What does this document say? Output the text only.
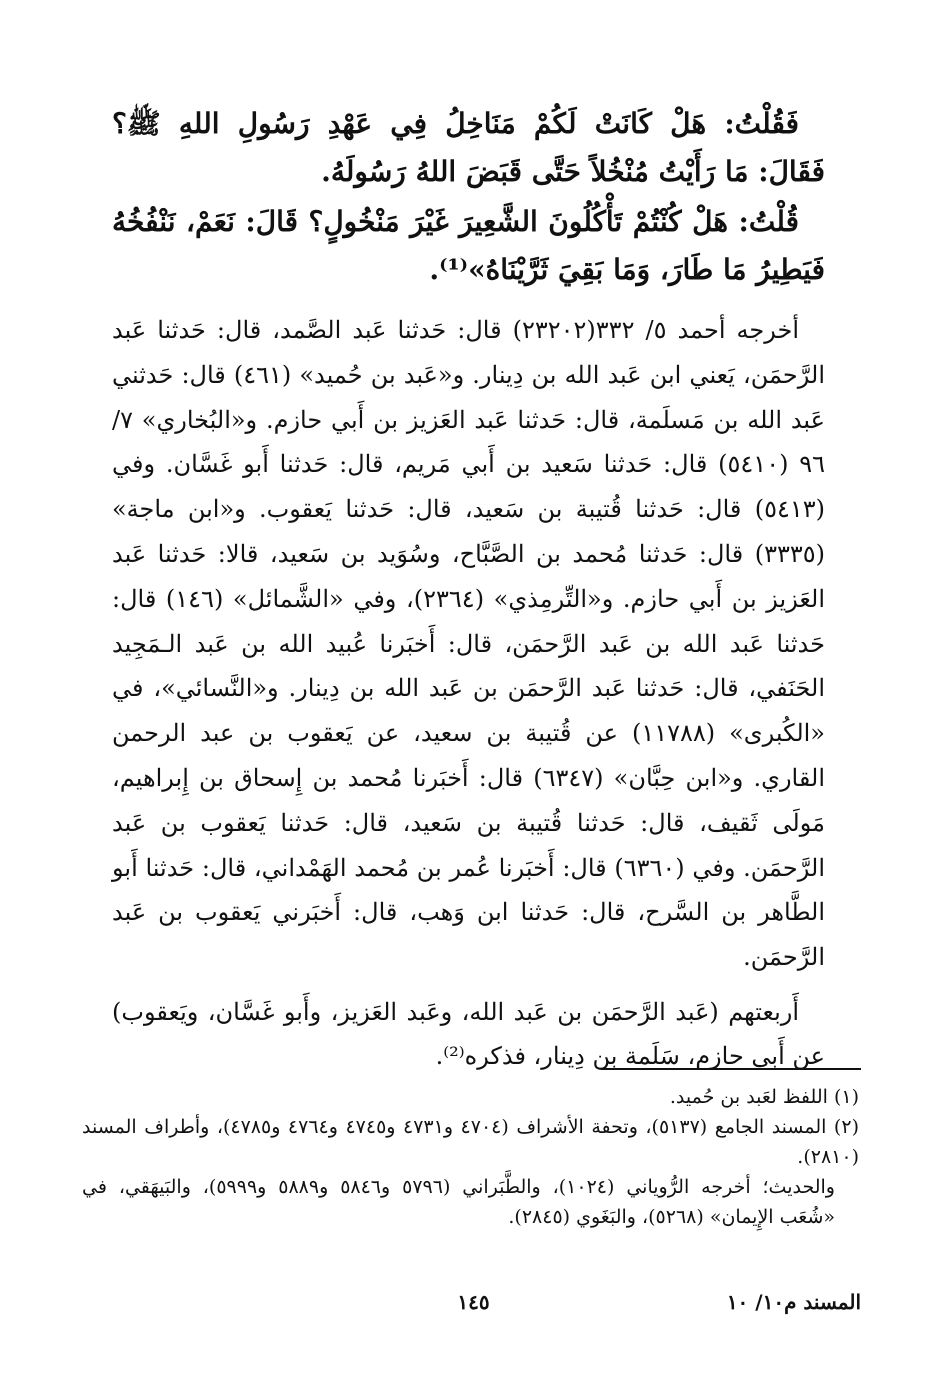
فَقُلْتُ: هَلْ كَانَتْ لَكُمْ مَنَاخِلُ فِي عَهْدِ رَسُولِ اللهِ ﷺ؟ فَقَالَ: مَا رَأَيْتُ مُنْخُلاً حَتَّى قَبَضَ اللهُ رَسُولَهُ.

قُلْتُ: هَلْ كُنْتُمْ تَأْكُلُونَ الشَّعِيرَ غَيْرَ مَنْخُولٍ؟ قَالَ: نَعَمْ، نَنْفُخُهُ فَيَطِيرُ مَا طَارَ، وَمَا بَقِيَ ثَرَّيْنَاهُ»⁽¹⁾.

أخرجه أحمد ٥/ ٣٣٢(٢٣٢٠٢) قال: حَدثنا عَبد الصَّمد، قال: حَدثنا عَبد الرَّحمَن، يَعني ابن عَبد الله بن دِينار. و«عَبد بن حُميد» (٤٦١) قال: حَدثني عَبد الله بن مَسلَمة، قال: حَدثنا عَبد العَزيز بن أَبي حازم. و«البُخاري» ٧/ ٩٦ (٥٤١٠) قال: حَدثنا سَعيد بن أَبي مَريم، قال: حَدثنا أَبو غَسَّان. وفي (٥٤١٣) قال: حَدثنا قُتيبة بن سَعيد، قال: حَدثنا يَعقوب. و«ابن ماجة» (٣٣٣٥) قال: حَدثنا مُحمد بن الصَّبَّاح، وسُوَيد بن سَعيد، قالا: حَدثنا عَبد العَزيز بن أَبي حازم. و«التِّرمِذي» (٢٣٦٤)، وفي «الشَّمائل» (١٤٦) قال: حَدثنا عَبد الله بن عَبد الرَّحمَن، قال: أَخبَرنا عُبيد الله بن عَبد الـمَجِيد الحَنَفي، قال: حَدثنا عَبد الرَّحمَن بن عَبد الله بن دِينار. و«النَّسائي»، في «الكُبرى» (١١٧٨٨) عن قُتيبة بن سعيد، عن يَعقوب بن عبد الرحمن القاري. و«ابن حِبَّان» (٦٣٤٧) قال: أَخبَرنا مُحمد بن إِسحاق بن إِبراهيم، مَولَى ثَقيف، قال: حَدثنا قُتيبة بن سَعيد، قال: حَدثنا يَعقوب بن عَبد الرَّحمَن. وفي (٦٣٦٠) قال: أَخبَرنا عُمر بن مُحمد الهَمْداني، قال: حَدثنا أَبو الطَّاهر بن السَّرح، قال: حَدثنا ابن وَهب، قال: أَخبَرني يَعقوب بن عَبد الرَّحمَن.

أَربعتهم (عَبد الرَّحمَن بن عَبد الله، وعَبد العَزيز، وأَبو غَسَّان، ويَعقوب) عن أَبي حازم، سَلَمة بن دِينار، فذكره⁽²⁾.

(١) اللفظ لعَبد بن حُميد.

(٢) المسند الجامع (٥١٣٧)، وتحفة الأشراف (٤٧٠٤ و٤٧٣١ و٤٧٤٥ و٤٧٦٤ و٤٧٨٥)، وأطراف المسند (٢٨١٠).

والحديث؛ أخرجه الرُّوياني (١٠٢٤)، والطَّبَراني (٥٧٩٦ و٥٨٤٦ و٥٨٨٩ و٥٩٩٩)، والبَيهَقي، في «شُعَب الإِيمان» (٥٢٦٨)، والبَغَوي (٢٨٤٥).

المسند م١٠/ ١٠
١٤٥
